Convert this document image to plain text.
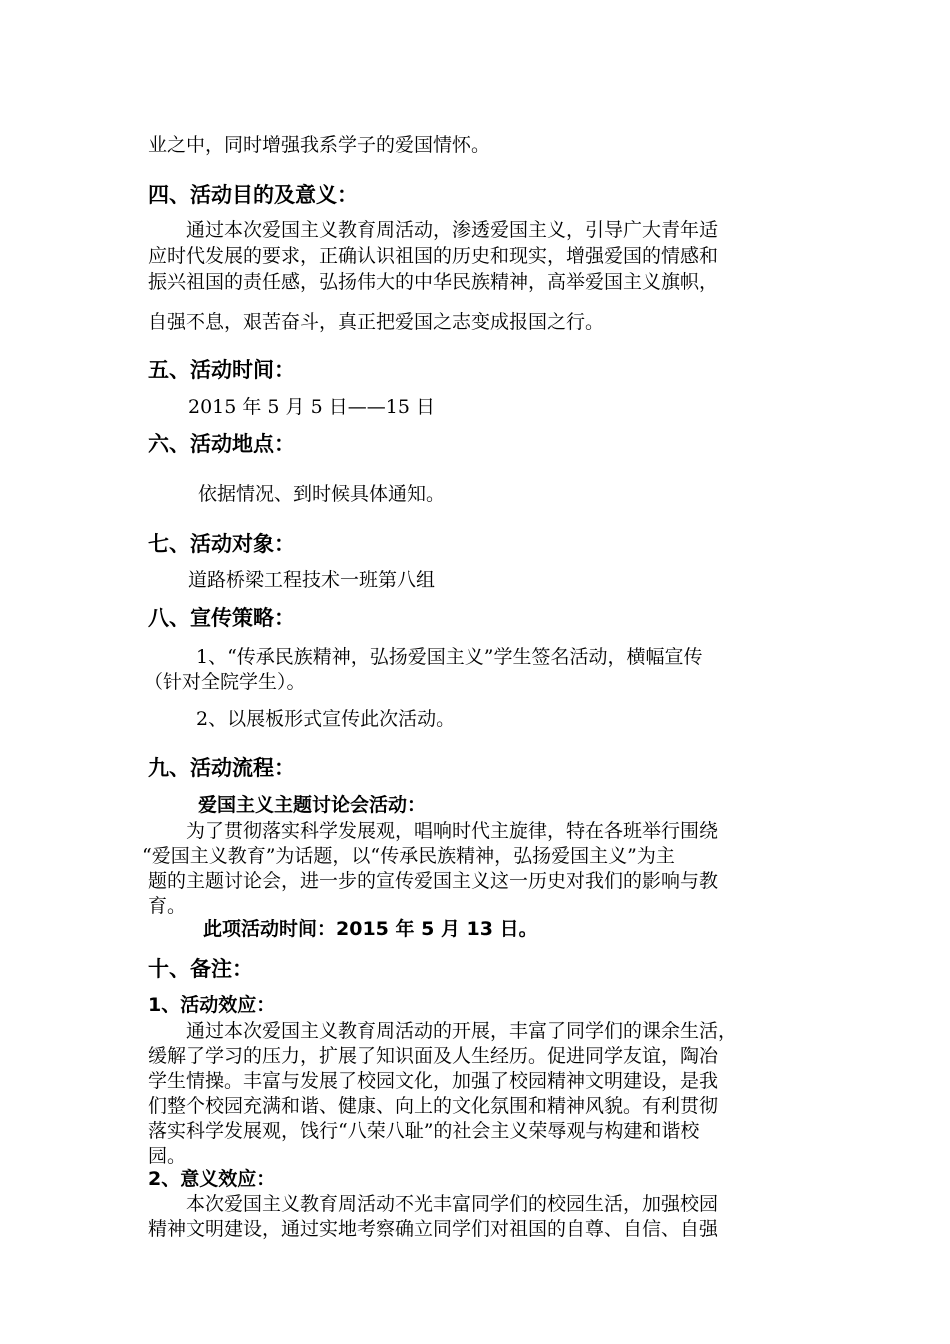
业之中，同时增强我系学子的爱国情怀。

四、活动目的及意义：

通过本次爱国主义教育周活动，渗透爱国主义，引导广大青年适

应时代发展的要求，正确认识祖国的历史和现实，增强爱国的情感和

振兴祖国的责任感，弘扬伟大的中华民族精神，高举爱国主义旗帜，

自强不息，艰苦奋斗，真正把爱国之志变成报国之行。

五、活动时间：

2015 年 5 月 5 日——15 日

六、活动地点：

依据情况、到时候具体通知。

七、活动对象：

道路桥梁工程技术一班第八组

八、宣传策略：

1、“传承民族精神，弘扬爱国主义”学生签名活动，横幅宣传

（针对全院学生）。

2、以展板形式宣传此次活动。

九、活动流程：

爱国主义主题讨论会活动：

为了贯彻落实科学发展观，唱响时代主旋律，特在各班举行围绕

“爱国主义教育”为话题，以“传承民族精神，弘扬爱国主义”为主

题的主题讨论会，进一步的宣传爱国主义这一历史对我们的影响与教

育。

此项活动时间：2015 年 5 月 13 日。

十、备注：

1、活动效应：

通过本次爱国主义教育周活动的开展，丰富了同学们的课余生活，

缓解了学习的压力，扩展了知识面及人生经历。促进同学友谊，陶冶

学生情操。丰富与发展了校园文化，加强了校园精神文明建设，是我

们整个校园充满和谐、健康、向上的文化氛围和精神风貌。有利贯彻

落实科学发展观，饯行“八荣八耻”的社会主义荣辱观与构建和谐校

园。

2、意义效应：

本次爱国主义教育周活动不光丰富同学们的校园生活，加强校园

精神文明建设，通过实地考察确立同学们对祖国的自尊、自信、自强
